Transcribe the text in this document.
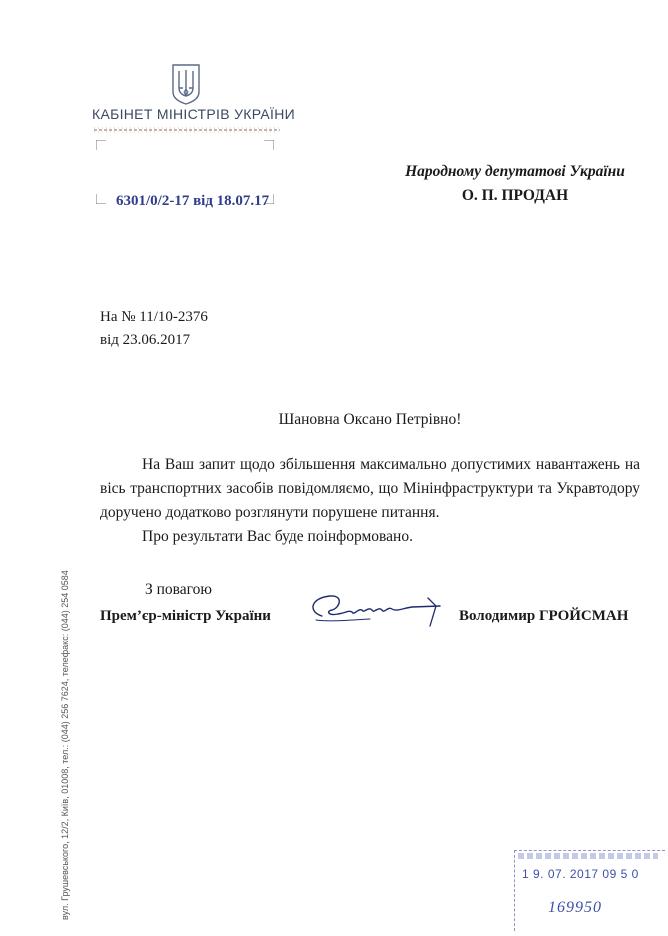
КАБІНЕТ МІНІСТРІВ УКРАЇНИ
6301/0/2-17 від 18.07.17
Народному депутатові України
О. П. ПРОДАН
На № 11/10-2376
від 23.06.2017
Шановна Оксано Петрівно!

На Ваш запит щодо збільшення максимально допустимих навантажень на вісь транспортних засобів повідомляємо, що Мінінфраструктури та Укравтодору доручено додатково розглянути порушене питання.

Про результати Вас буде поінформовано.

З повагою
Прем’єр-міністр України	Володимир ГРОЙСМАН
вул. Грушевського, 12/2, Київ, 01008, тел.: (044) 256 7624, телефакс: (044) 254 0584	1 9. 07. 2017 09 5 0
169950
